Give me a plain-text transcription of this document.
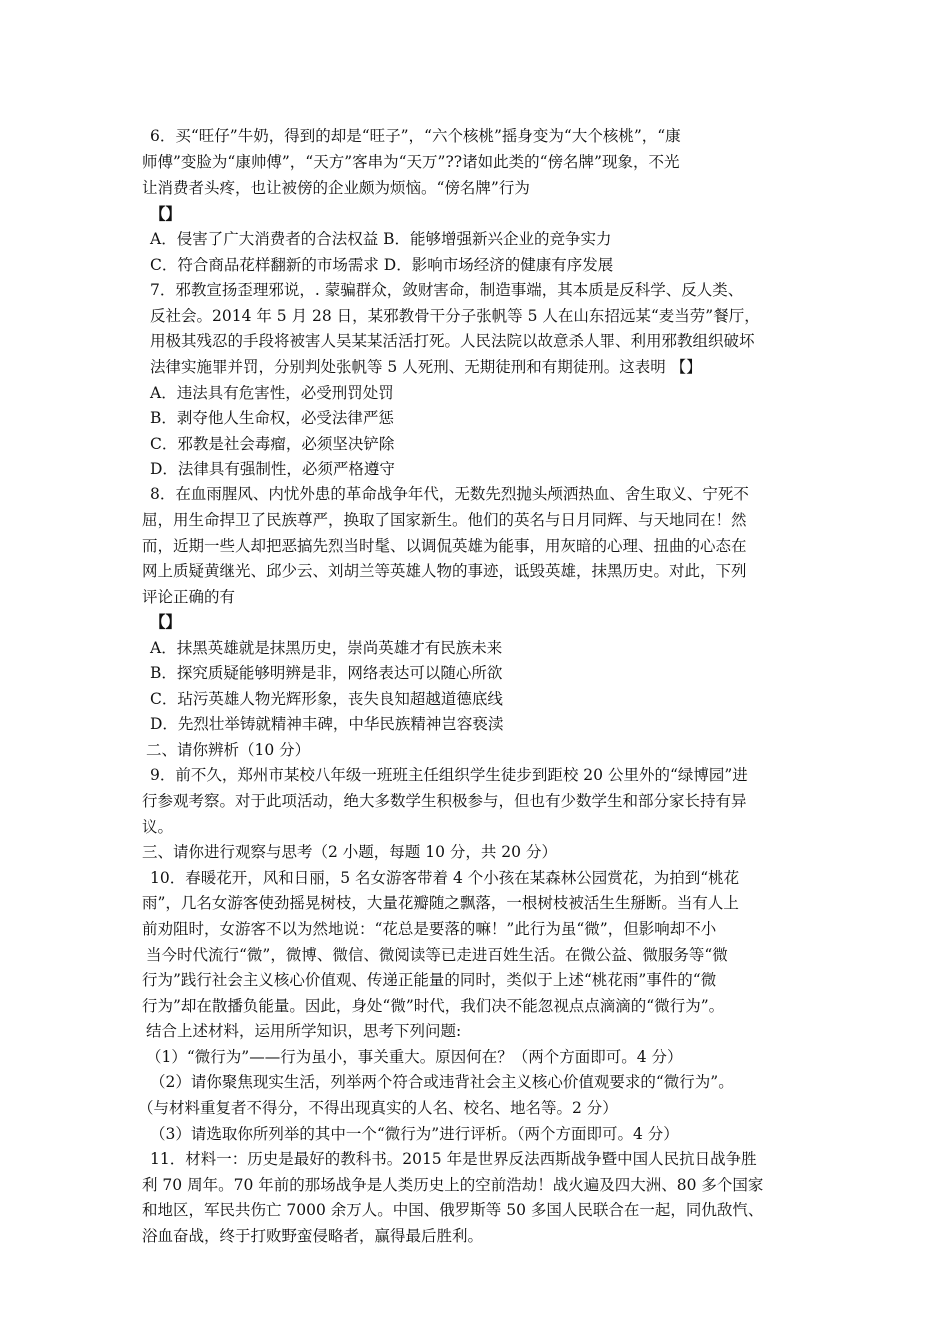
6．买“旺仔”牛奶，得到的却是“旺子”，“六个核桃”摇身变为“大个核桃”，“康
师傅”变脸为“康帅傅”，“天方”客串为“天万”??诸如此类的“傍名牌”现象，不光
让消费者头疼，也让被傍的企业颇为烦恼。“傍名牌”行为
【】
A．侵害了广大消费者的合法权益 B．能够增强新兴企业的竞争实力
C．符合商品花样翻新的市场需求 D．影响市场经济的健康有序发展
7．邪教宣扬歪理邪说，. 蒙骗群众，敛财害命，制造事端，其本质是反科学、反人类、
反社会。2014 年 5 月 28 日，某邪教骨干分子张帆等 5 人在山东招远某“麦当劳”餐厅，
用极其残忍的手段将被害人吴某某活活打死。人民法院以故意杀人罪、利用邪教组织破坏
法律实施罪并罚，分别判处张帆等 5 人死刑、无期徒刑和有期徒刑。这表明 【】
A．违法具有危害性，必受刑罚处罚
B．剥夺他人生命权，必受法律严惩
C．邪教是社会毒瘤，必须坚决铲除
D．法律具有强制性，必须严格遵守
8．在血雨腥风、内忧外患的革命战争年代，无数先烈抛头颅洒热血、舍生取义、宁死不
屈，用生命捍卫了民族尊严，换取了国家新生。他们的英名与日月同辉、与天地同在！然
而，近期一些人却把恶搞先烈当时髦、以调侃英雄为能事，用灰暗的心理、扭曲的心态在
网上质疑黄继光、邱少云、刘胡兰等英雄人物的事迹，诋毁英雄，抹黑历史。对此，下列
评论正确的有
【】
A．抹黑英雄就是抹黑历史，崇尚英雄才有民族未来
B．探究质疑能够明辨是非，网络表达可以随心所欲
C．玷污英雄人物光辉形象，丧失良知超越道德底线
D．先烈壮举铸就精神丰碑，中华民族精神岂容亵渎
二、请你辨析（10 分）
9．前不久，郑州市某校八年级一班班主任组织学生徒步到距校 20 公里外的“绿博园”进
行参观考察。对于此项活动，绝大多数学生积极参与，但也有少数学生和部分家长持有异
议。
三、请你进行观察与思考（2 小题，每题 10 分，共 20 分）
10．春暖花开，风和日丽，5 名女游客带着 4 个小孩在某森林公园赏花，为拍到“桃花
雨”，几名女游客使劲摇晃树枝，大量花瓣随之飘落，一根树枝被活生生掰断。当有人上
前劝阻时，女游客不以为然地说：“花总是要落的嘛！”此行为虽“微”，但影响却不小
当今时代流行“微”，微博、微信、微阅读等已走进百姓生活。在微公益、微服务等“微
行为”践行社会主义核心价值观、传递正能量的同时，类似于上述“桃花雨”事件的“微
行为”却在散播负能量。因此，身处“微”时代，我们决不能忽视点点滴滴的“微行为”。
结合上述材料，运用所学知识，思考下列问题:
（1）“微行为”——行为虽小，事关重大。原因何在？（两个方面即可。4 分）
（2）请你聚焦现实生活，列举两个符合或违背社会主义核心价值观要求的“微行为”。
（与材料重复者不得分，不得出现真实的人名、校名、地名等。2 分）
（3）请选取你所列举的其中一个“微行为”进行评析。（两个方面即可。4 分）
11．材料一：历史是最好的教科书。2015 年是世界反法西斯战争暨中国人民抗日战争胜
利 70 周年。70 年前的那场战争是人类历史上的空前浩劫！战火遍及四大洲、80 多个国家
和地区，军民共伤亡 7000 余万人。中国、俄罗斯等 50 多国人民联合在一起，同仇敌忾、
浴血奋战，终于打败野蛮侵略者，赢得最后胜利。
